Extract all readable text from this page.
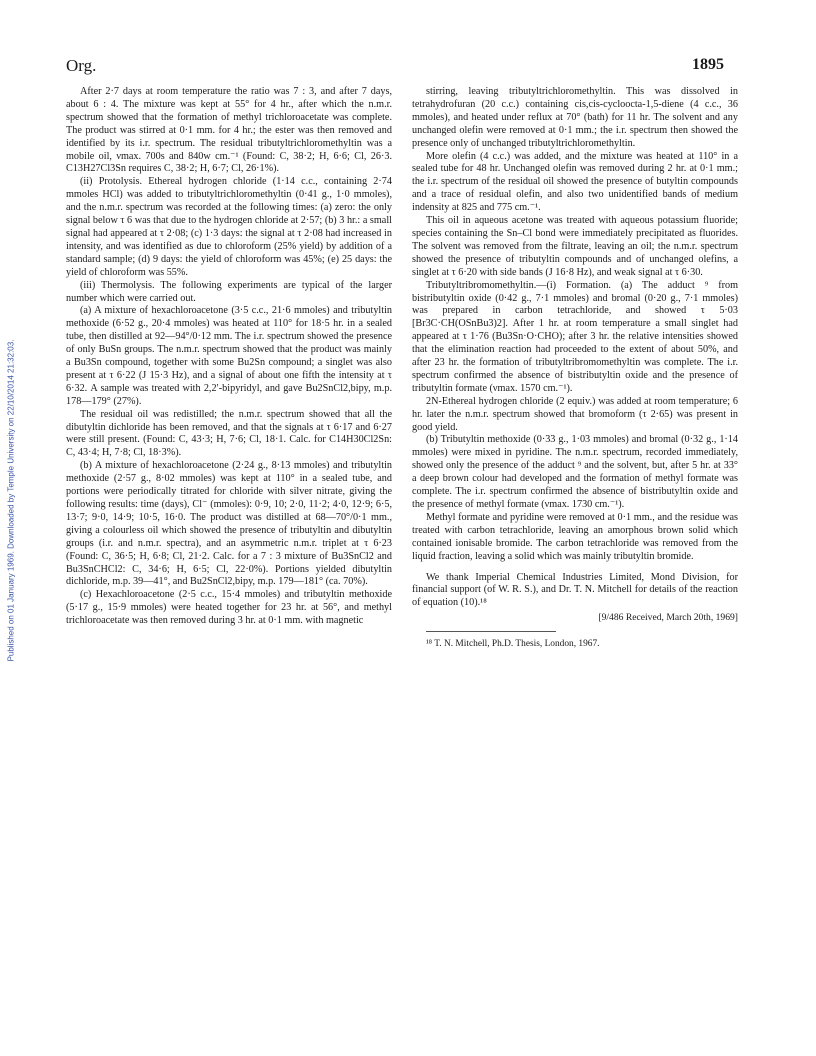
Published on 01 January 1969. Downloaded by Temple University on 22/10/2014 21:32:03.
Org.	1895

After 2·7 days at room temperature the ratio was 7 : 3, and after 7 days, about 6 : 4. The mixture was kept at 55° for 4 hr., after which the n.m.r. spectrum showed that the formation of methyl trichloroacetate was complete. The product was stirred at 0·1 mm. for 4 hr.; the ester was then removed and identified by its i.r. spectrum. The residual tributyltrichloromethyltin was a mobile oil, νmax. 700s and 840w cm.⁻¹ (Found: C, 38·2; H, 6·6; Cl, 26·3. C13H27Cl3Sn requires C, 38·2; H, 6·7; Cl, 26·1%).

(ii) Protolysis. Ethereal hydrogen chloride (1·14 c.c., containing 2·74 mmoles HCl) was added to tributyltrichloromethyltin (0·41 g., 1·0 mmoles), and the n.m.r. spectrum was recorded at the following times: (a) zero: the only signal below τ 6 was that due to the hydrogen chloride at 2·57; (b) 3 hr.: a small signal had appeared at τ 2·08; (c) 1·3 days: the signal at τ 2·08 had increased in intensity, and was identified as due to chloroform (25% yield) by addition of a standard sample; (d) 9 days: the yield of chloroform was 45%; (e) 25 days: the yield of chloroform was 55%.

(iii) Thermolysis. The following experiments are typical of the larger number which were carried out.

(a) A mixture of hexachloroacetone (3·5 c.c., 21·6 mmoles) and tributyltin methoxide (6·52 g., 20·4 mmoles) was heated at 110° for 18·5 hr. in a sealed tube, then distilled at 92—94°/0·12 mm. The i.r. spectrum showed the presence of only BuSn groups. The n.m.r. spectrum showed that the product was mainly a Bu3Sn compound, together with some Bu2Sn compound; a singlet was also present at τ 6·22 (J 15·3 Hz), and a signal of about one fifth the intensity at τ 6·32. A sample was treated with 2,2′-bipyridyl, and gave Bu2SnCl2,bipy, m.p. 178—179° (27%).

The residual oil was redistilled; the n.m.r. spectrum showed that all the dibutyltin dichloride has been removed, and that the signals at τ 6·17 and 6·27 were still present. (Found: C, 43·3; H, 7·6; Cl, 18·1. Calc. for C14H30Cl2Sn: C, 43·4; H, 7·8; Cl, 18·3%).

(b) A mixture of hexachloroacetone (2·24 g., 8·13 mmoles) and tributyltin methoxide (2·57 g., 8·02 mmoles) was kept at 110° in a sealed tube, and portions were periodically titrated for chloride with silver nitrate, giving the following results: time (days), Cl⁻ (mmoles): 0·9, 10; 2·0, 11·2; 4·0, 12·9; 6·5, 13·7; 9·0, 14·9; 10·5, 16·0. The product was distilled at 68—70°/0·1 mm., giving a colourless oil which showed the presence of tributyltin and dibutyltin groups (i.r. and n.m.r. spectra), and an asymmetric n.m.r. triplet at τ 6·23 (Found: C, 36·5; H, 6·8; Cl, 21·2. Calc. for a 7 : 3 mixture of Bu3SnCl2 and Bu3SnCHCl2: C, 34·6; H, 6·5; Cl, 22·0%). Portions yielded dibutyltin dichloride, m.p. 39—41°, and Bu2SnCl2,bipy, m.p. 179—181° (ca. 70%).

(c) Hexachloroacetone (2·5 c.c., 15·4 mmoles) and tributyltin methoxide (5·17 g., 15·9 mmoles) were heated together for 23 hr. at 56°, and methyl trichloroacetate was then removed during 3 hr. at 0·1 mm. with magnetic

stirring, leaving tributyltrichloromethyltin. This was dissolved in tetrahydrofuran (20 c.c.) containing cis,cis-cycloocta-1,5-diene (4 c.c., 36 mmoles), and heated under reflux at 70° (bath) for 11 hr. The solvent and any unchanged olefin were removed at 0·1 mm.; the i.r. spectrum then showed the presence only of unchanged tributyltrichloromethyltin.

More olefin (4 c.c.) was added, and the mixture was heated at 110° in a sealed tube for 48 hr. Unchanged olefin was removed during 2 hr. at 0·1 mm.; the i.r. spectrum of the residual oil showed the presence of butyltin compounds and a trace of residual olefin, and also two unidentified bands of medium indensity at 825 and 775 cm.⁻¹.

This oil in aqueous acetone was treated with aqueous potassium fluoride; species containing the Sn–Cl bond were immediately precipitated as fluorides. The solvent was removed from the filtrate, leaving an oil; the n.m.r. spectrum showed the presence of tributyltin compounds and of unchanged olefins, a singlet at τ 6·20 with side bands (J 16·8 Hz), and weak signal at τ 6·30.

Tributyltribromomethyltin.—(i) Formation. (a) The adduct ⁹ from bistributyltin oxide (0·42 g., 7·1 mmoles) and bromal (0·20 g., 7·1 mmoles) was prepared in carbon tetrachloride, and showed τ 5·03 [Br3C·CH(OSnBu3)2]. After 1 hr. at room temperature a small singlet had appeared at τ 1·76 (Bu3Sn·O·CHO); after 3 hr. the relative intensities showed that the elimination reaction had proceeded to the extent of about 50%, and after 23 hr. the formation of tributyltribromomethyltin was complete. The i.r. spectrum confirmed the absence of bistributyltin oxide and the presence of tributyltin formate (νmax. 1570 cm.⁻¹).

2N-Ethereal hydrogen chloride (2 equiv.) was added at room temperature; 6 hr. later the n.m.r. spectrum showed that bromoform (τ 2·65) was present in good yield.

(b) Tributyltin methoxide (0·33 g., 1·03 mmoles) and bromal (0·32 g., 1·14 mmoles) were mixed in pyridine. The n.m.r. spectrum, recorded immediately, showed only the presence of the adduct ⁹ and the solvent, but, after 5 hr. at 33° a deep brown colour had developed and the formation of methyl formate was complete. The i.r. spectrum confirmed the absence of bistributyltin oxide and the presence of methyl formate (νmax. 1730 cm.⁻¹).

Methyl formate and pyridine were removed at 0·1 mm., and the residue was treated with carbon tetrachloride, leaving an amorphous brown solid which contained ionisable bromide. The carbon tetrachloride was removed from the liquid fraction, leaving a solid which was mainly tributyltin bromide.

We thank Imperial Chemical Industries Limited, Mond Division, for financial support (of W. R. S.), and Dr. T. N. Mitchell for details of the reaction of equation (10).¹⁸

[9/486 Received, March 20th, 1969]

¹⁸ T. N. Mitchell, Ph.D. Thesis, London, 1967.
